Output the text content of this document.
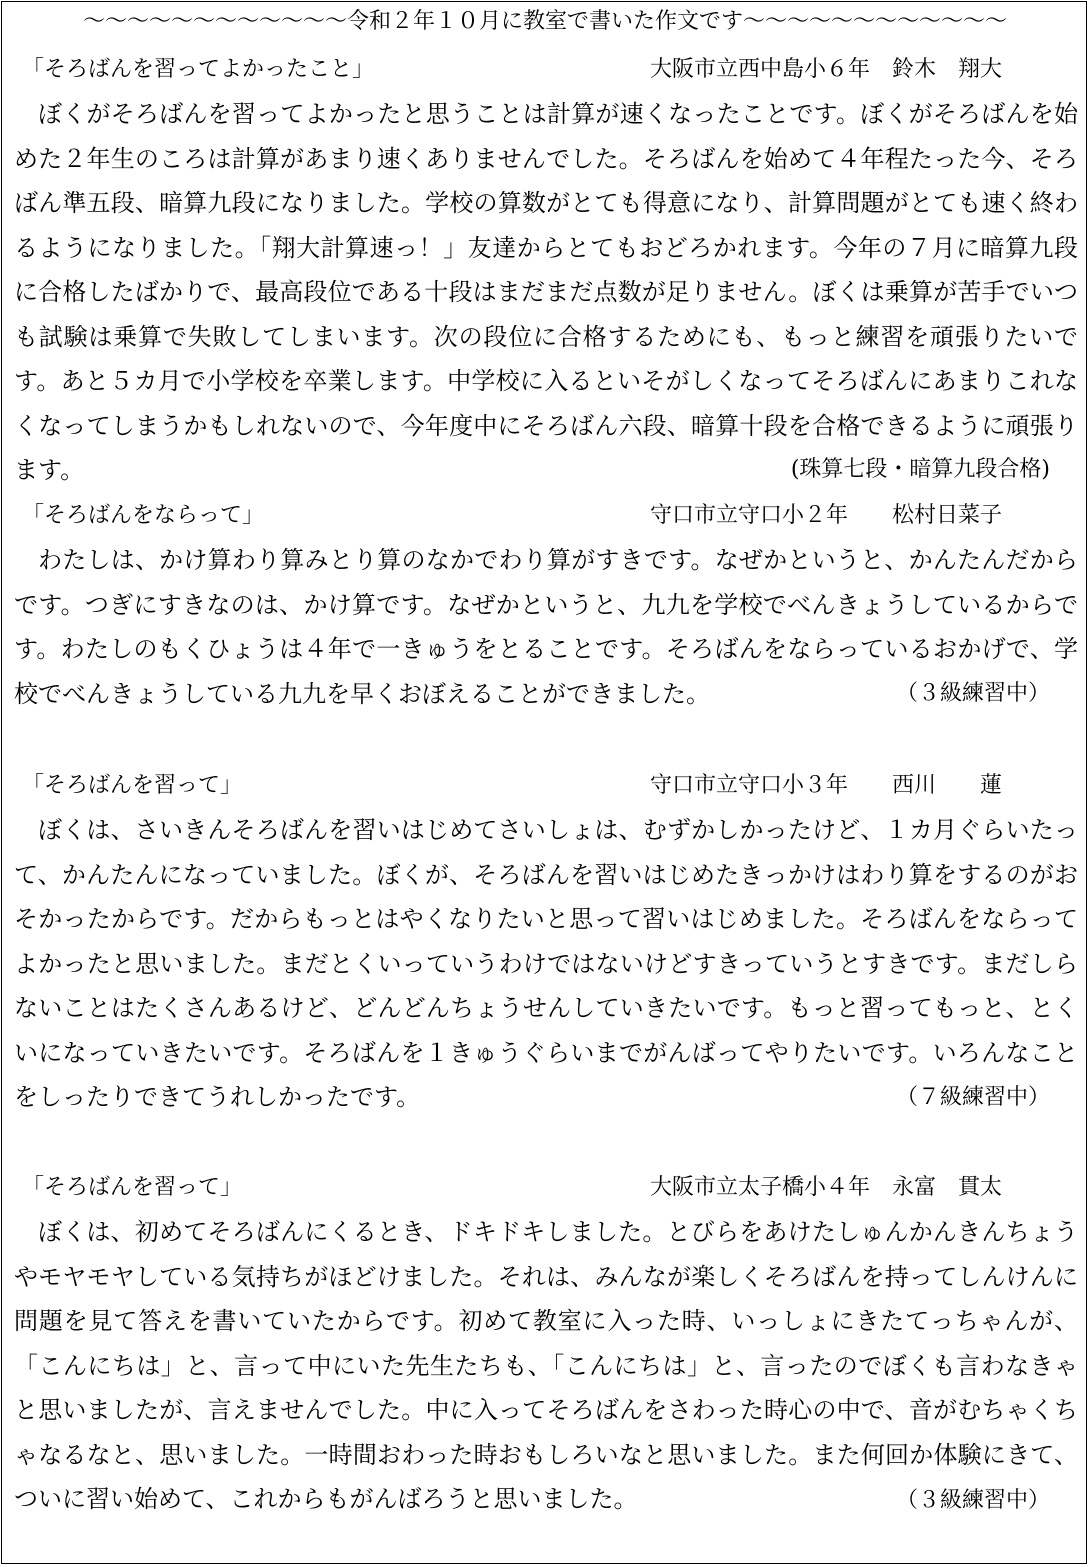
～～～～～～～～～～～～令和２年１０月に教室で書いた作文です～～～～～～～～～～～～
「そろばんを習ってよかったこと」	大阪市立西中島小６年　鈴木　翔大
ぼくがそろばんを習ってよかったと思うことは計算が速くなったことです。ぼくがそろばんを始めた２年生のころは計算があまり速くありませんでした。そろばんを始めて４年程たった今、そろばん準五段、暗算九段になりました。学校の算数がとても得意になり、計算問題がとても速く終わるようになりました。「翔大計算速っ！」友達からとてもおどろかれます。今年の７月に暗算九段に合格したばかりで、最高段位である十段はまだまだ点数が足りません。ぼくは乗算が苦手でいつも試験は乗算で失敗してしまいます。次の段位に合格するためにも、もっと練習を頑張りたいです。あと５カ月で小学校を卒業します。中学校に入るといそがしくなってそろばんにあまりこれなくなってしまうかもしれないので、今年度中にそろばん六段、暗算十段を合格できるように頑張ります。	(珠算七段・暗算九段合格)
「そろばんをならって」	守口市立守口小２年　　松村日菜子
わたしは、かけ算わり算みとり算のなかでわり算がすきです。なぜかというと、かんたんだからです。つぎにすきなのは、かけ算です。なぜかというと、九九を学校でべんきょうしているからです。わたしのもくひょうは４年で一きゅうをとることです。そろばんをならっているおかげで、学校でべんきょうしている九九を早くおぼえることができました。	（３級練習中）
「そろばんを習って」	守口市立守口小３年　　西川　　蓮
ぼくは、さいきんそろばんを習いはじめてさいしょは、むずかしかったけど、１カ月ぐらいたって、かんたんになっていました。ぼくが、そろばんを習いはじめたきっかけはわり算をするのがおそかったからです。だからもっとはやくなりたいと思って習いはじめました。そろばんをならってよかったと思いました。まだとくいっていうわけではないけどすきっていうとすきです。まだしらないことはたくさんあるけど、どんどんちょうせんしていきたいです。もっと習ってもっと、とくいになっていきたいです。そろばんを１きゅうぐらいまでがんばってやりたいです。いろんなことをしったりできてうれしかったです。	（７級練習中）
「そろばんを習って」	大阪市立太子橋小４年　永富　貫太
ぼくは、初めてそろばんにくるとき、ドキドキしました。とびらをあけたしゅんかんきんちょうやモヤモヤしている気持ちがほどけました。それは、みんなが楽しくそろばんを持ってしんけんに問題を見て答えを書いていたからです。初めて教室に入った時、いっしょにきたてっちゃんが、「こんにちは」と、言って中にいた先生たちも、「こんにちは」と、言ったのでぼくも言わなきゃと思いましたが、言えませんでした。中に入ってそろばんをさわった時心の中で、音がむちゃくちゃなるなと、思いました。一時間おわった時おもしろいなと思いました。また何回か体験にきて、ついに習い始めて、これからもがんばろうと思いました。	（３級練習中）
